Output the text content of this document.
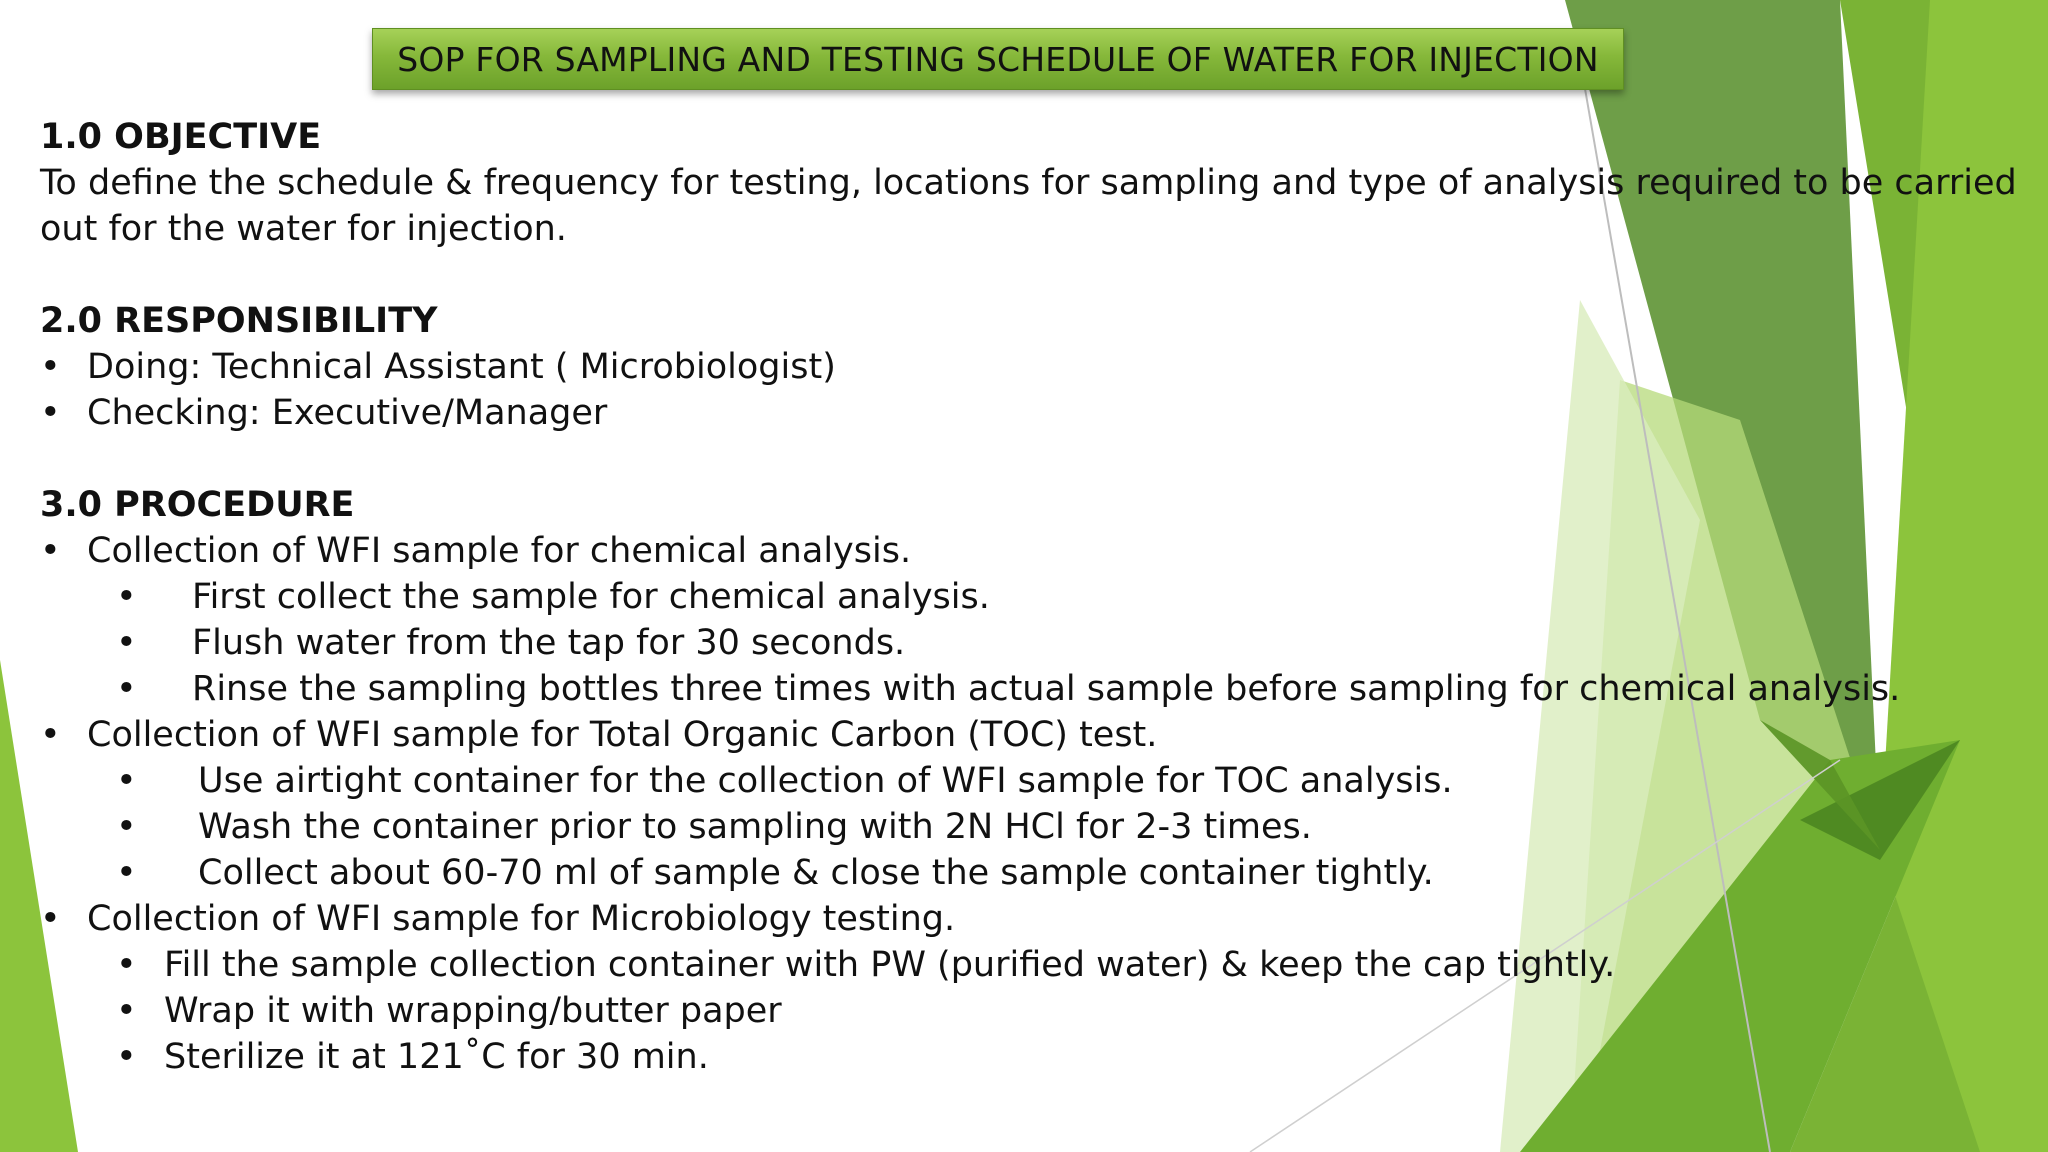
SOP FOR SAMPLING AND TESTING SCHEDULE OF WATER FOR INJECTION
1.0 OBJECTIVE
To define the schedule & frequency for testing, locations for sampling and type of analysis required to be carried
out for the water for injection.
2.0 RESPONSIBILITY
• Doing: Technical Assistant ( Microbiologist)
• Checking: Executive/Manager
3.0 PROCEDURE
• Collection of WFI sample for chemical analysis.
• First collect the sample for chemical analysis.
• Flush water from the tap for 30 seconds.
• Rinse the sampling bottles three times with actual sample before sampling for chemical analysis.
• Collection of WFI sample for Total Organic Carbon (TOC) test.
• Use airtight container for the collection of WFI sample for TOC analysis.
• Wash the container prior to sampling with 2N HCl for 2-3 times.
• Collect about 60-70 ml of sample & close the sample container tightly.
• Collection of WFI sample for Microbiology testing.
• Fill the sample collection container with PW (purified water) & keep the cap tightly.
• Wrap it with wrapping/butter paper
• Sterilize it at 121˚C for 30 min.
